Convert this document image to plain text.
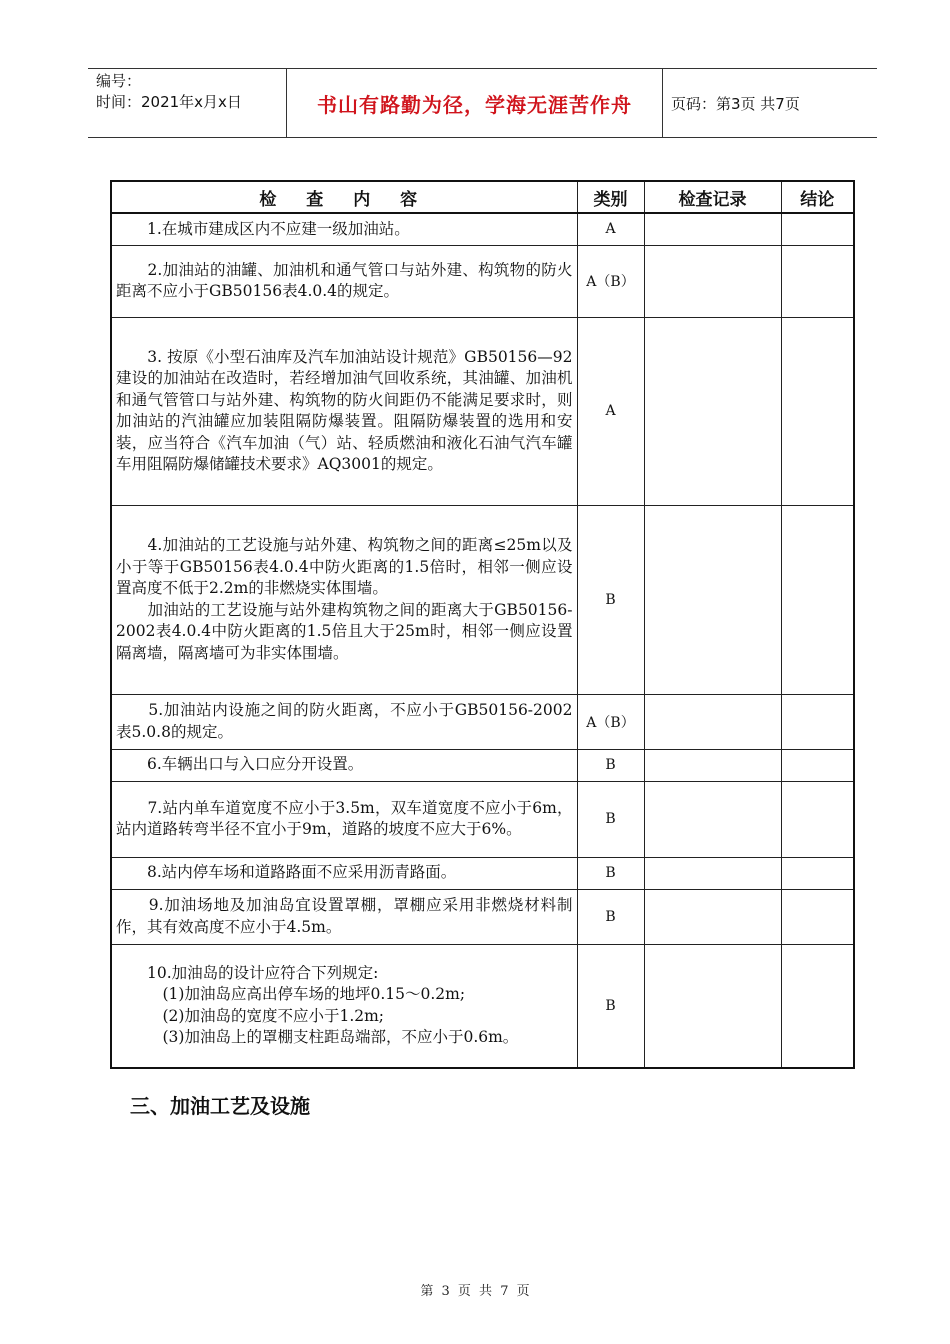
编号：
时间：2021年x月x日	书山有路勤为径，学海无涯苦作舟	页码：第3页 共7页
检 查 内 容	类别	检查记录	结论
　　1.在城市建成区内不应建一级加油站。	A		
　　2.加油站的油罐、加油机和通气管口与站外建、构筑物的防火距离不应小于GB50156表4.0.4的规定。	A（B）		
　　3. 按原《小型石油库及汽车加油站设计规范》GB50156—92建设的加油站在改造时，若经增加油气回收系统，其油罐、加油机和通气管管口与站外建、构筑物的防火间距仍不能满足要求时，则加油站的汽油罐应加装阻隔防爆装置。阻隔防爆装置的选用和安装，应当符合《汽车加油（气）站、轻质燃油和液化石油气汽车罐车用阻隔防爆储罐技术要求》AQ3001的规定。	A		
　　4.加油站的工艺设施与站外建、构筑物之间的距离≤25m以及小于等于GB50156表4.0.4中防火距离的1.5倍时，相邻一侧应设置高度不低于2.2m的非燃烧实体围墙。
　　加油站的工艺设施与站外建构筑物之间的距离大于GB50156-2002表4.0.4中防火距离的1.5倍且大于25m时，相邻一侧应设置隔离墙，隔离墙可为非实体围墙。	B		
　　5.加油站内设施之间的防火距离，不应小于GB50156-2002表5.0.8的规定。	A（B）		
　　6.车辆出口与入口应分开设置。	B		
　　7.站内单车道宽度不应小于3.5m，双车道宽度不应小于6m，站内道路转弯半径不宜小于9m，道路的坡度不应大于6%。	B		
　　8.站内停车场和道路路面不应采用沥青路面。	B		
　　9.加油场地及加油岛宜设置罩棚，罩棚应采用非燃烧材料制作，其有效高度不应小于4.5m。	B		
　　10.加油岛的设计应符合下列规定:
　　　(1)加油岛应高出停车场的地坪0.15～0.2m;
　　　(2)加油岛的宽度不应小于1.2m;
　　　(3)加油岛上的罩棚支柱距岛端部，不应小于0.6m。	B		
三、加油工艺及设施
第 3 页 共 7 页
